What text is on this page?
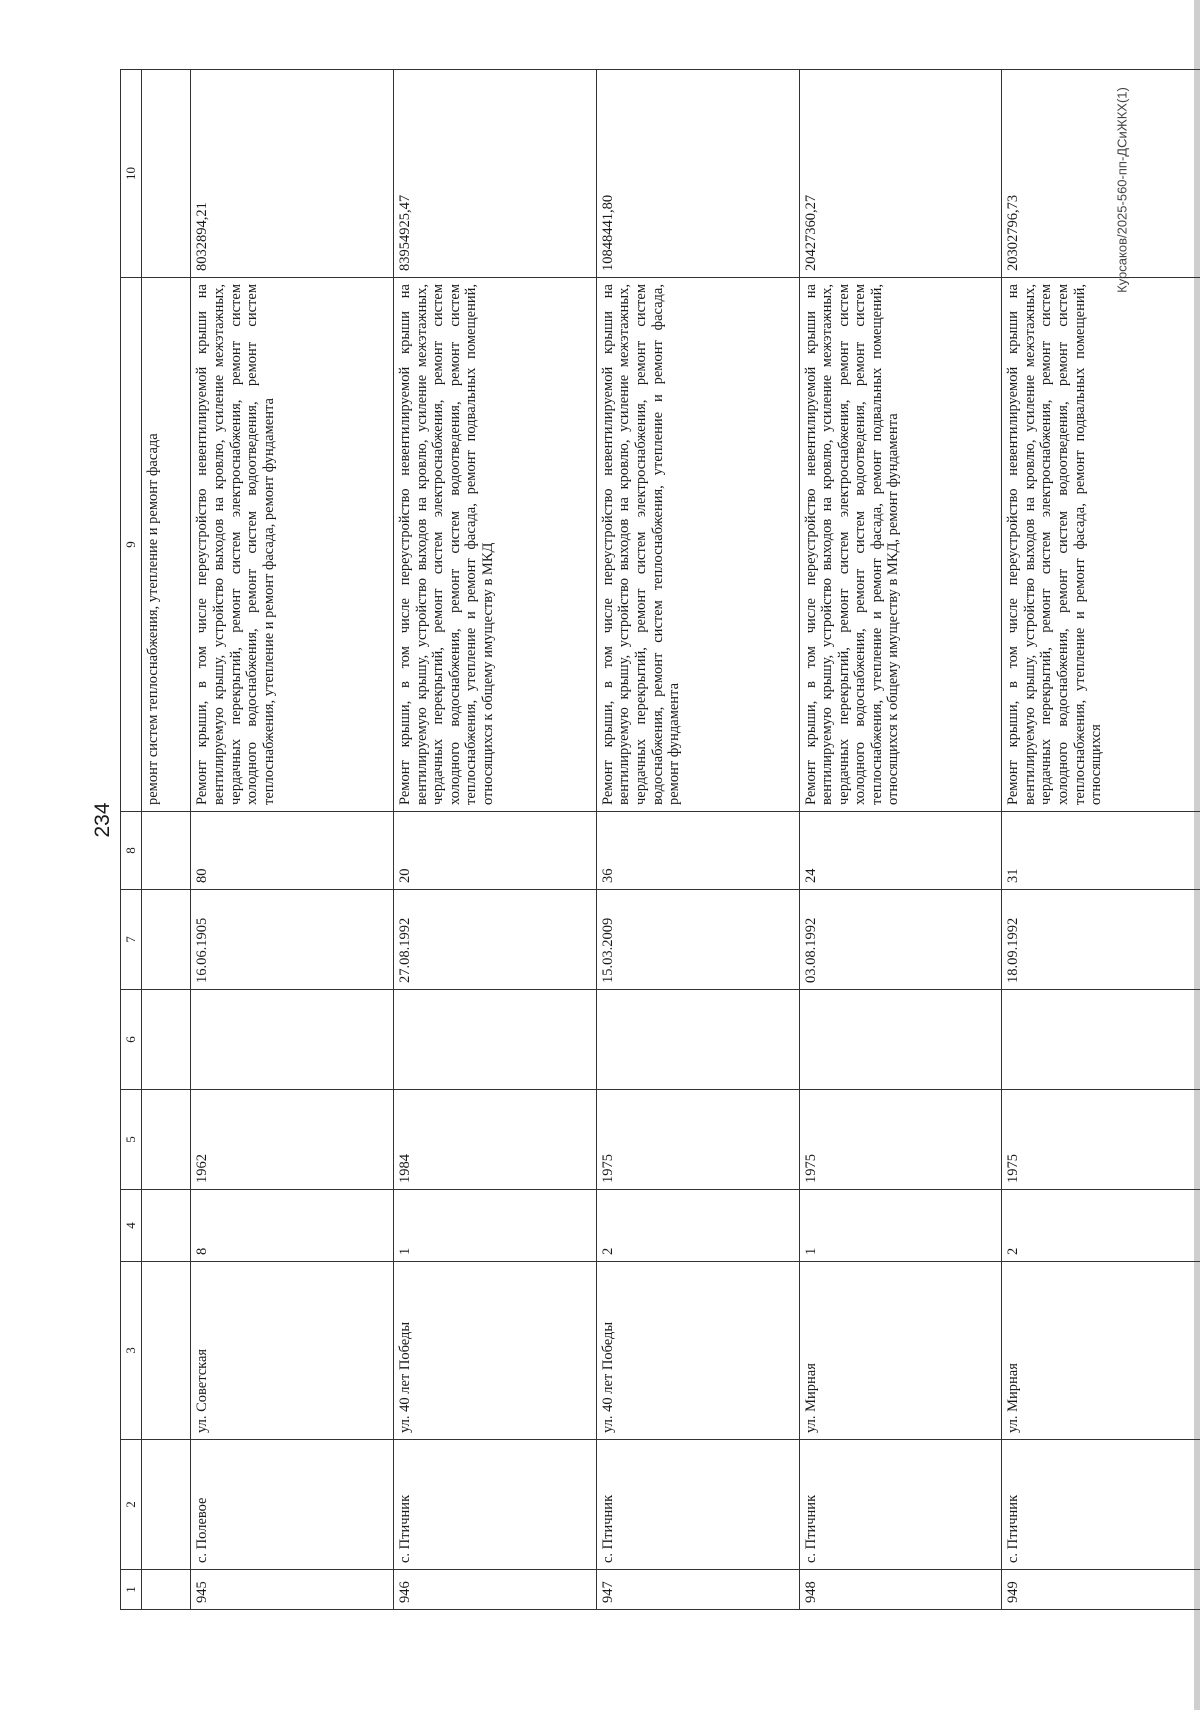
234
Курсаков/2025-560-пп-ДСиЖКХ(1)
1	2	3	4	5	6	7	8	9	10
								ремонт систем теплоснабжения, утепление и ремонт фасада	
945	с. Полевое	ул. Советская	8	1962		16.06.1905	80	Ремонт крыши, в том числе переустройство невентилируемой крыши на вентилируемую крышу, устройство выходов на кровлю, усиление межэтажных, чердачных перекрытий, ремонт систем электроснабжения, ремонт систем холодного водоснабжения, ремонт систем водоотведения, ремонт систем теплоснабжения, утепление и ремонт фасада, ремонт фундамента	8032894,21
946	с. Птичник	ул. 40 лет Победы	1	1984		27.08.1992	20	Ремонт крыши, в том числе переустройство невентилируемой крыши на вентилируемую крышу, устройство выходов на кровлю, усиление межэтажных, чердачных перекрытий, ремонт систем электроснабжения, ремонт систем холодного водоснабжения, ремонт систем водоотведения, ремонт систем теплоснабжения, утепление и ремонт фасада, ремонт подвальных помещений, относящихся к общему имуществу в МКД	83954925,47
947	с. Птичник	ул. 40 лет Победы	2	1975		15.03.2009	36	Ремонт крыши, в том числе переустройство невентилируемой крыши на вентилируемую крышу, устройство выходов на кровлю, усиление межэтажных, чердачных перекрытий, ремонт систем электроснабжения, ремонт систем водоснабжения, ремонт систем теплоснабжения, утепление и ремонт фасада, ремонт фундамента	10848441,80
948	с. Птичник	ул. Мирная	1	1975		03.08.1992	24	Ремонт крыши, в том числе переустройство невентилируемой крыши на вентилируемую крышу, устройство выходов на кровлю, усиление межэтажных, чердачных перекрытий, ремонт систем электроснабжения, ремонт систем холодного водоснабжения, ремонт систем водоотведения, ремонт систем теплоснабжения, утепление и ремонт фасада, ремонт подвальных помещений, относящихся к общему имуществу в МКД, ремонт фундамента	20427360,27
949	с. Птичник	ул. Мирная	2	1975		18.09.1992	31	Ремонт крыши, в том числе переустройство невентилируемой крыши на вентилируемую крышу, устройство выходов на кровлю, усиление межэтажных, чердачных перекрытий, ремонт систем электроснабжения, ремонт систем холодного водоснабжения, ремонт систем водоотведения, ремонт систем теплоснабжения, утепление и ремонт фасада, ремонт подвальных помещений, относящихся	20302796,73
